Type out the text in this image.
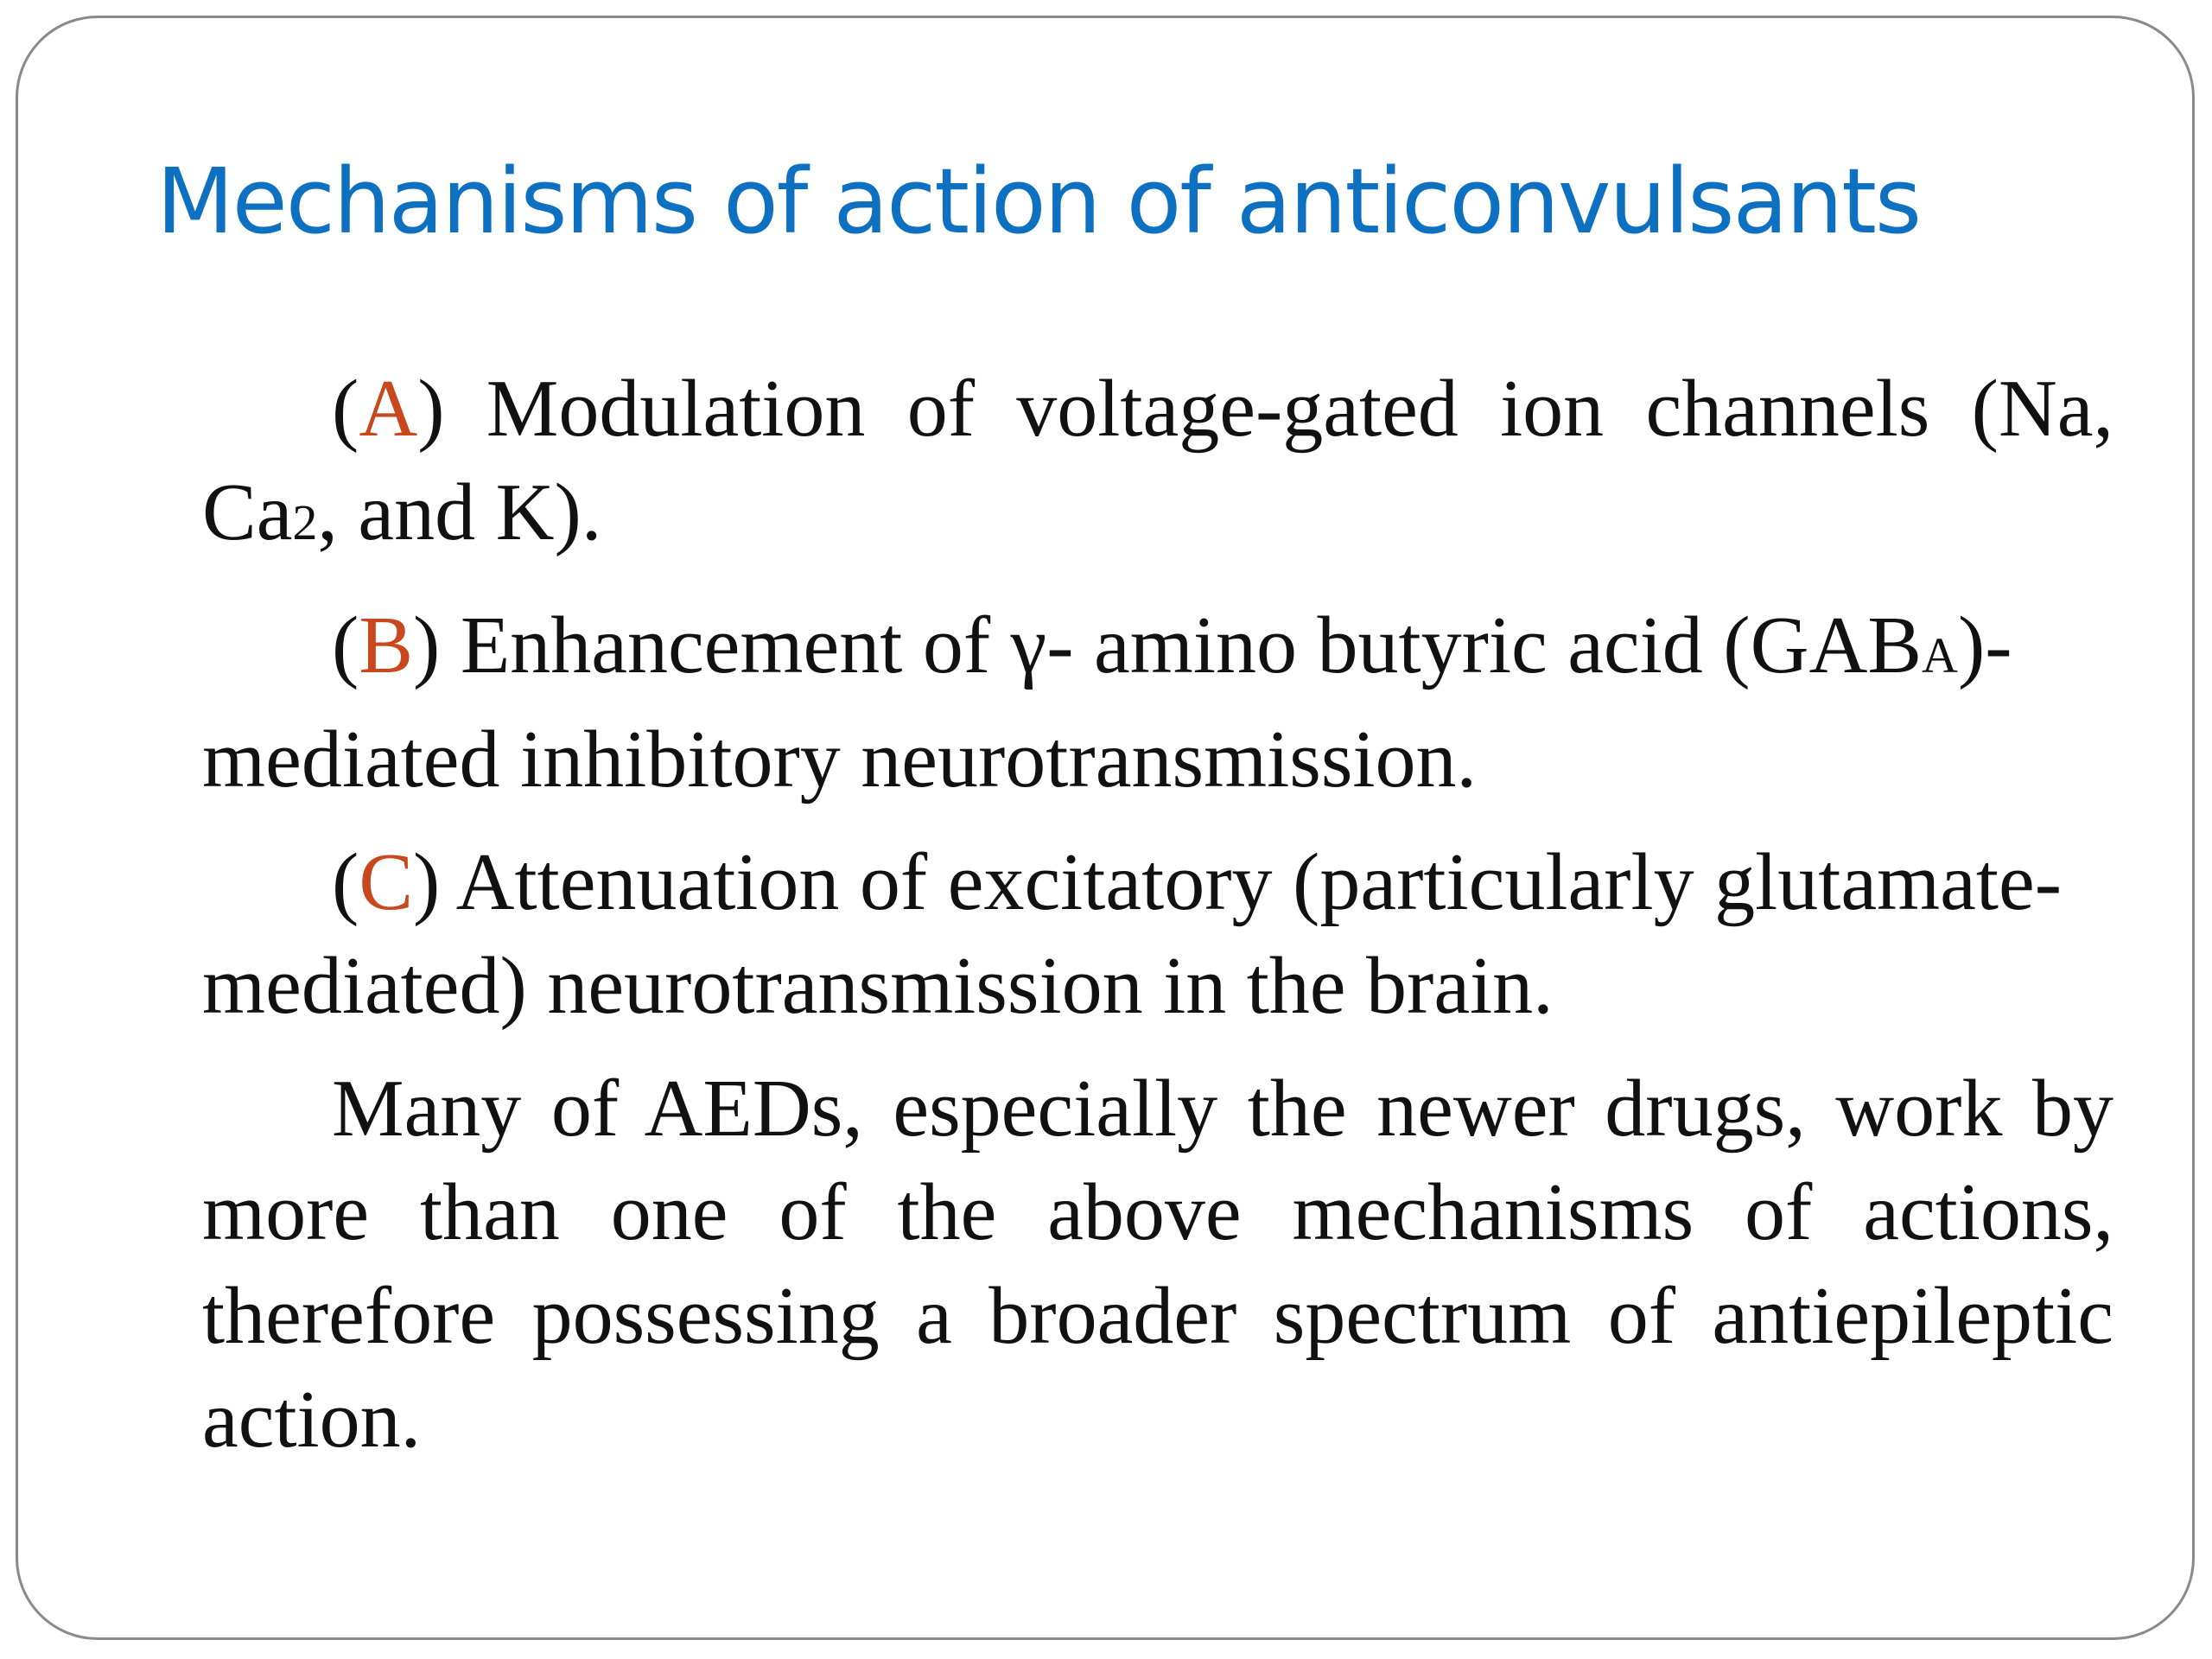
Mechanisms of action of anticonvulsants

(A) Modulation of voltage-gated ion channels (Na, Ca2, and K).

(B) Enhancement of γ- amino butyric acid (GABA)-mediated inhibitory neurotransmission.

(C) Attenuation of excitatory (particularly glutamate-mediated) neurotransmission in the brain.

Many of AEDs, especially the newer drugs, work by more than one of the above mechanisms of actions, therefore possessing a broader spectrum of antiepileptic action.
